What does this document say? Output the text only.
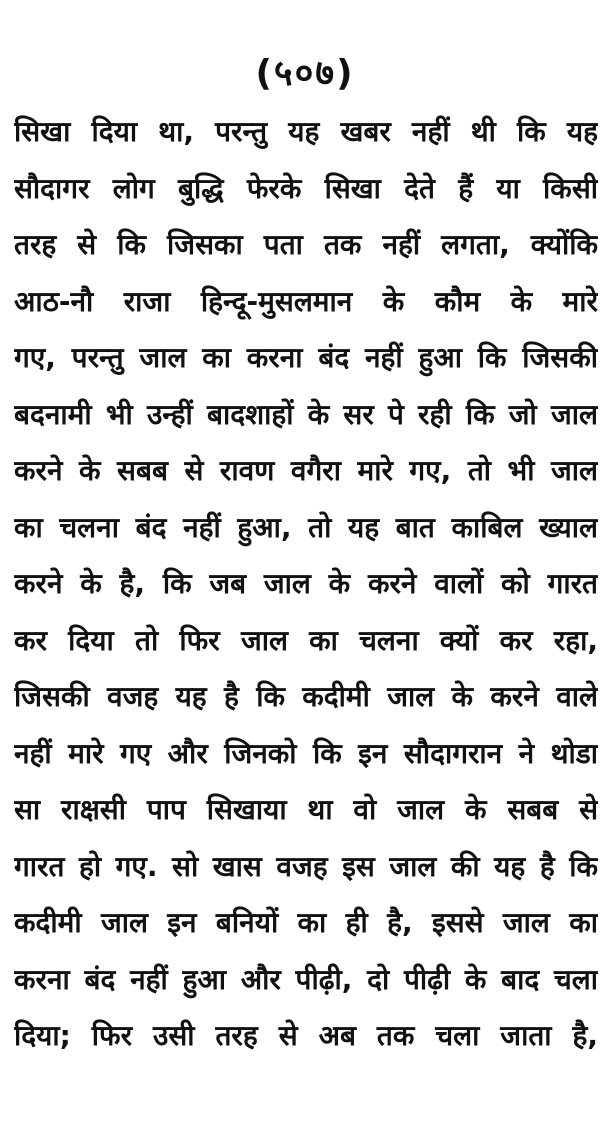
(५०७)
सिखा दिया था, परन्तु यह खबर नहीं थी कि यह
सौदागर लोग बुद्धि फेरके सिखा देते हैं या किसी
तरह से कि जिसका पता तक नहीं लगता, क्योंकि
आठ-नौ राजा हिन्दू-मुसलमान के कौम के मारे
गए, परन्तु जाल का करना बंद नहीं हुआ कि जिसकी
बदनामी भी उन्हीं बादशाहों के सर पे रही कि जो जाल
करने के सबब से रावण वगैरा मारे गए, तो भी जाल
का चलना बंद नहीं हुआ, तो यह बात काबिल ख्याल
करने के है, कि जब जाल के करने वालों को गारत
कर दिया तो फिर जाल का चलना क्यों कर रहा,
जिसकी वजह यह है कि कदीमी जाल के करने वाले
नहीं मारे गए और जिनको कि इन सौदागरान ने थोडा
सा राक्षसी पाप सिखाया था वो जाल के सबब से
गारत हो गए. सो खास वजह इस जाल की यह है कि
कदीमी जाल इन बनियों का ही है, इससे जाल का
करना बंद नहीं हुआ और पीढ़ी, दो पीढ़ी के बाद चला
दिया; फिर उसी तरह से अब तक चला जाता है,
